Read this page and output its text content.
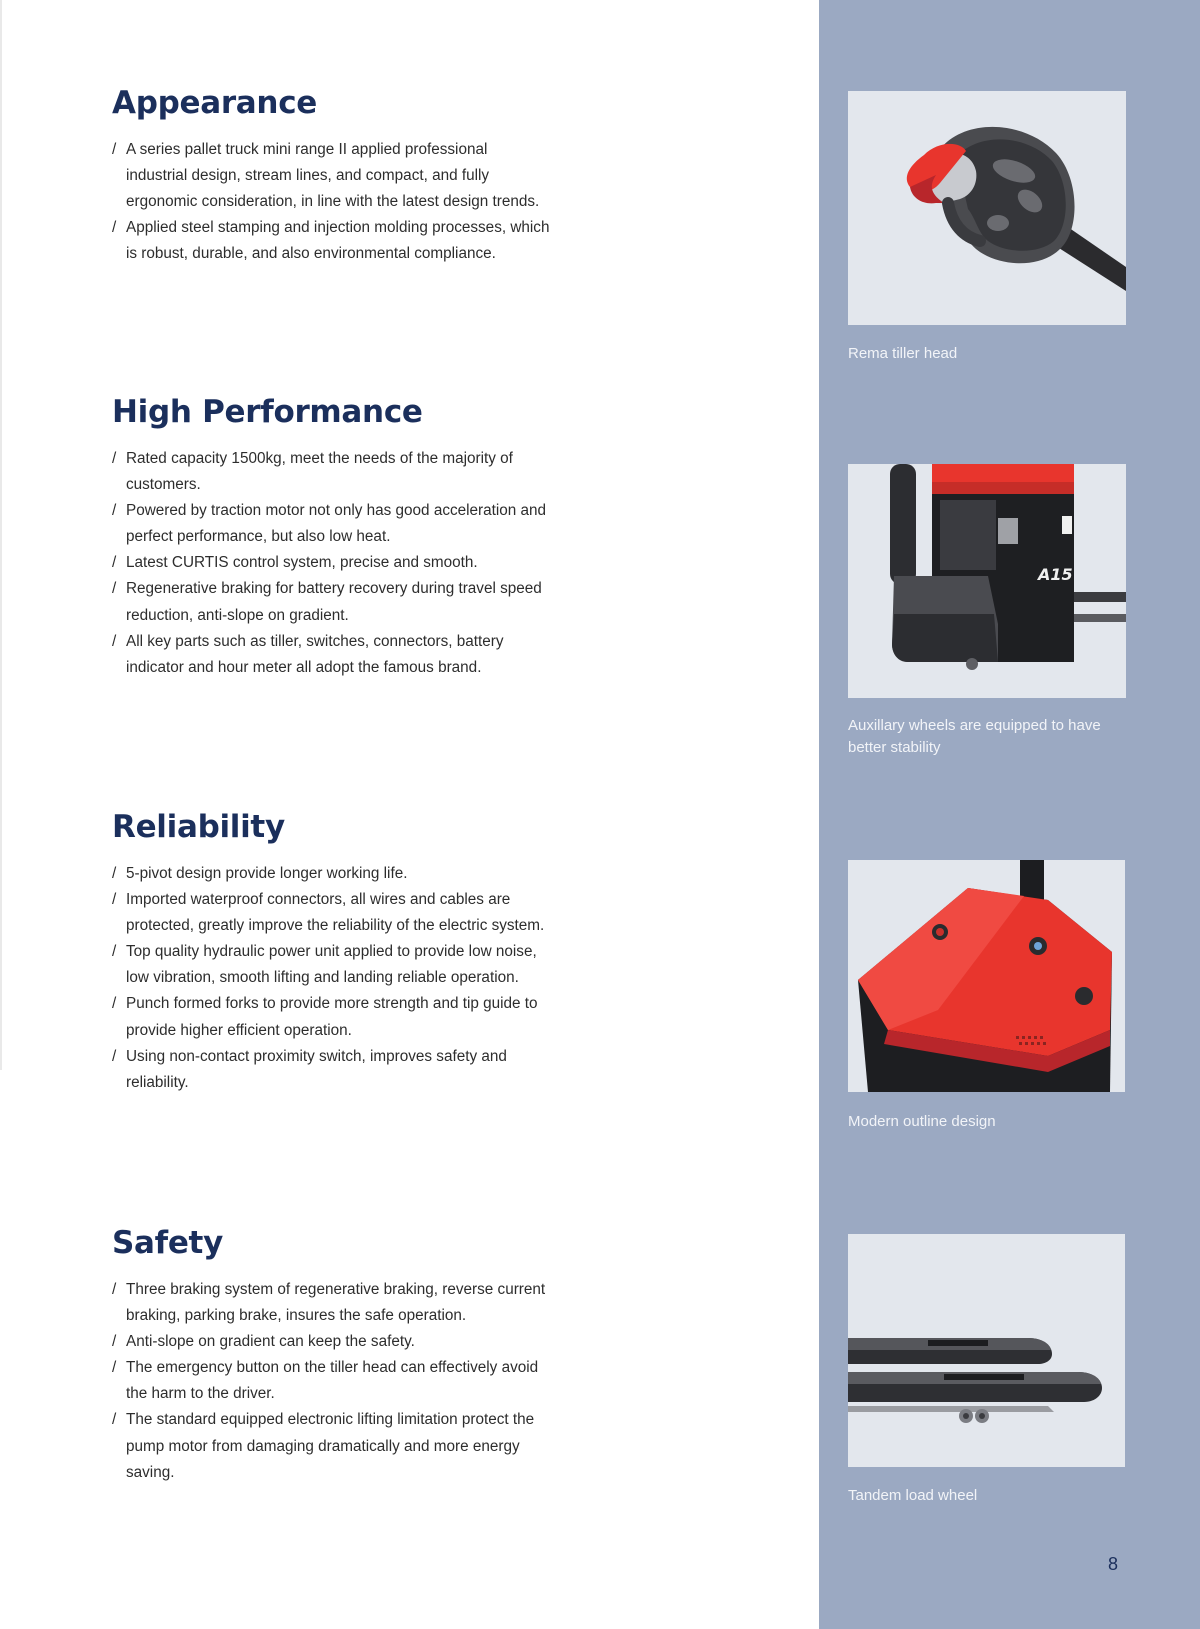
Appearance
/ A series pallet truck mini range II applied professional industrial design, stream lines, and compact, and fully ergonomic consideration, in line with the latest design trends.
/ Applied steel stamping and injection molding processes, which is robust, durable, and also environmental compliance.
High Performance
/ Rated capacity 1500kg, meet the needs of the majority of customers.
/ Powered by traction motor not only has good acceleration and perfect performance, but also low heat.
/ Latest CURTIS control system, precise and smooth.
/ Regenerative braking for battery recovery during travel speed reduction, anti-slope on gradient.
/ All key parts such as tiller, switches, connectors, battery indicator and hour meter all adopt the famous brand.
Reliability
/ 5-pivot design provide longer working life.
/ Imported waterproof connectors, all wires and cables are protected, greatly improve the reliability of the electric system.
/ Top quality hydraulic power unit applied to provide low noise, low vibration, smooth lifting and landing reliable operation.
/ Punch formed forks to provide more strength and tip guide to provide higher efficient operation.
/ Using non-contact proximity switch, improves safety and reliability.
Safety
/ Three braking system of regenerative braking, reverse current braking, parking brake, insures the safe operation.
/ Anti-slope on gradient can keep the safety.
/ The emergency button on the tiller head can effectively avoid the harm to the driver.
/ The standard equipped electronic lifting limitation protect the pump motor from damaging dramatically and more energy saving.
Rema tiller head
A15
Auxillary wheels are equipped to have better stability
Modern outline design
Tandem load wheel
8
